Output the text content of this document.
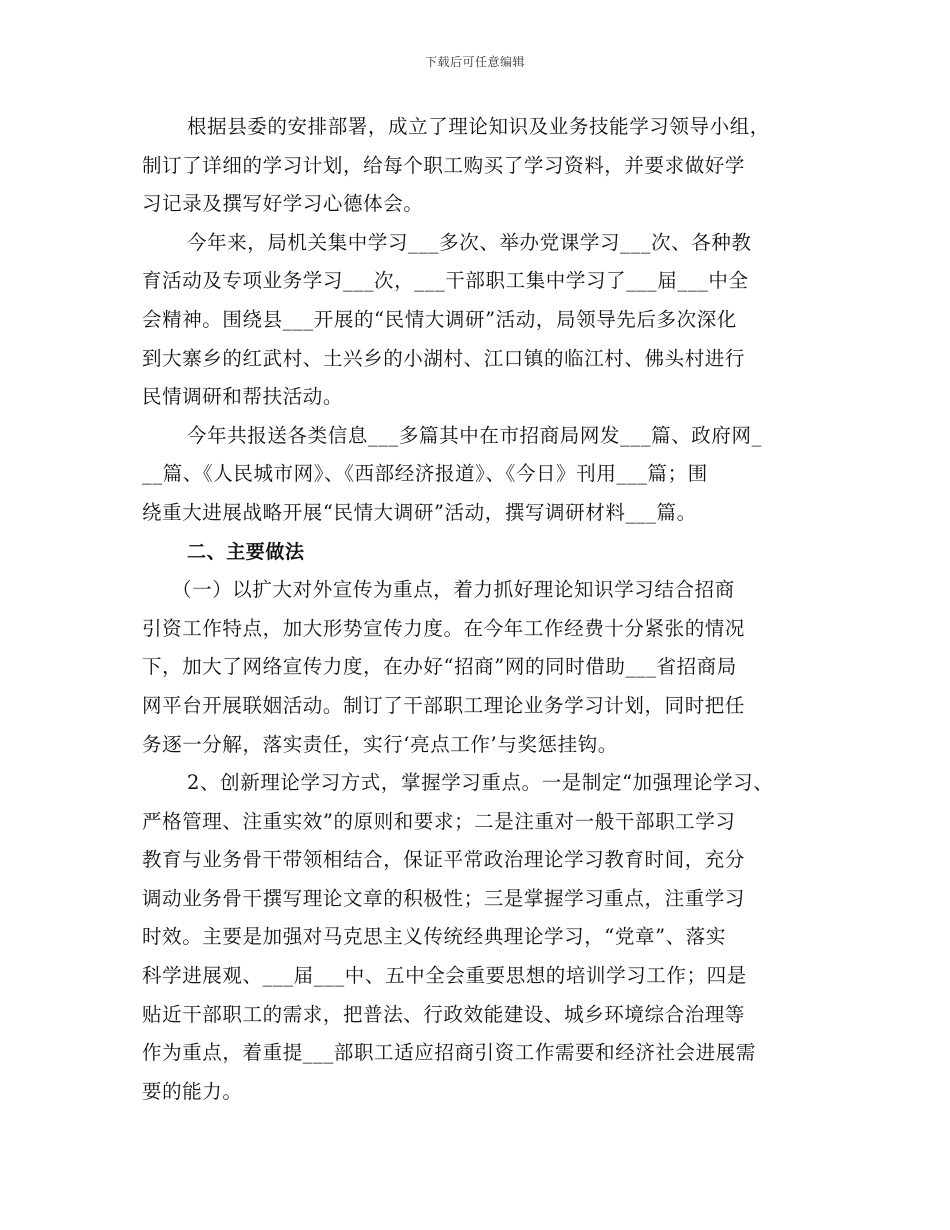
下载后可任意编辑
根据县委的安排部署，成立了理论知识及业务技能学习领导小组，
制订了详细的学习计划，给每个职工购买了学习资料，并要求做好学
习记录及撰写好学习心德体会。
今年来，局机关集中学习___多次、举办党课学习___次、各种教
育活动及专项业务学习___次，___干部职工集中学习了___届___中全
会精神。围绕县___开展的“民情大调研”活动，局领导先后多次深化
到大寨乡的红武村、土兴乡的小湖村、江口镇的临江村、佛头村进行
民情调研和帮扶活动。
今年共报送各类信息___多篇其中在市招商局网发___篇、政府网_
__篇、《人民城市网》、《西部经济报道》、《今日》刊用___篇；围
绕重大进展战略开展“民情大调研”活动，撰写调研材料___篇。
二、主要做法
（一）以扩大对外宣传为重点，着力抓好理论知识学习结合招商
引资工作特点，加大形势宣传力度。在今年工作经费十分紧张的情况
下，加大了网络宣传力度，在办好“招商”网的同时借助___省招商局
网平台开展联姻活动。制订了干部职工理论业务学习计划，同时把任
务逐一分解，落实责任，实行‘亮点工作’与奖惩挂钩。
2、创新理论学习方式，掌握学习重点。一是制定“加强理论学习、
严格管理、注重实效”的原则和要求；二是注重对一般干部职工学习
教育与业务骨干带领相结合，保证平常政治理论学习教育时间，充分
调动业务骨干撰写理论文章的积极性；三是掌握学习重点，注重学习
时效。主要是加强对马克思主义传统经典理论学习，“党章”、落实
科学进展观、___届___中、五中全会重要思想的培训学习工作；四是
贴近干部职工的需求，把普法、行政效能建设、城乡环境综合治理等
作为重点，着重提___部职工适应招商引资工作需要和经济社会进展需
要的能力。
